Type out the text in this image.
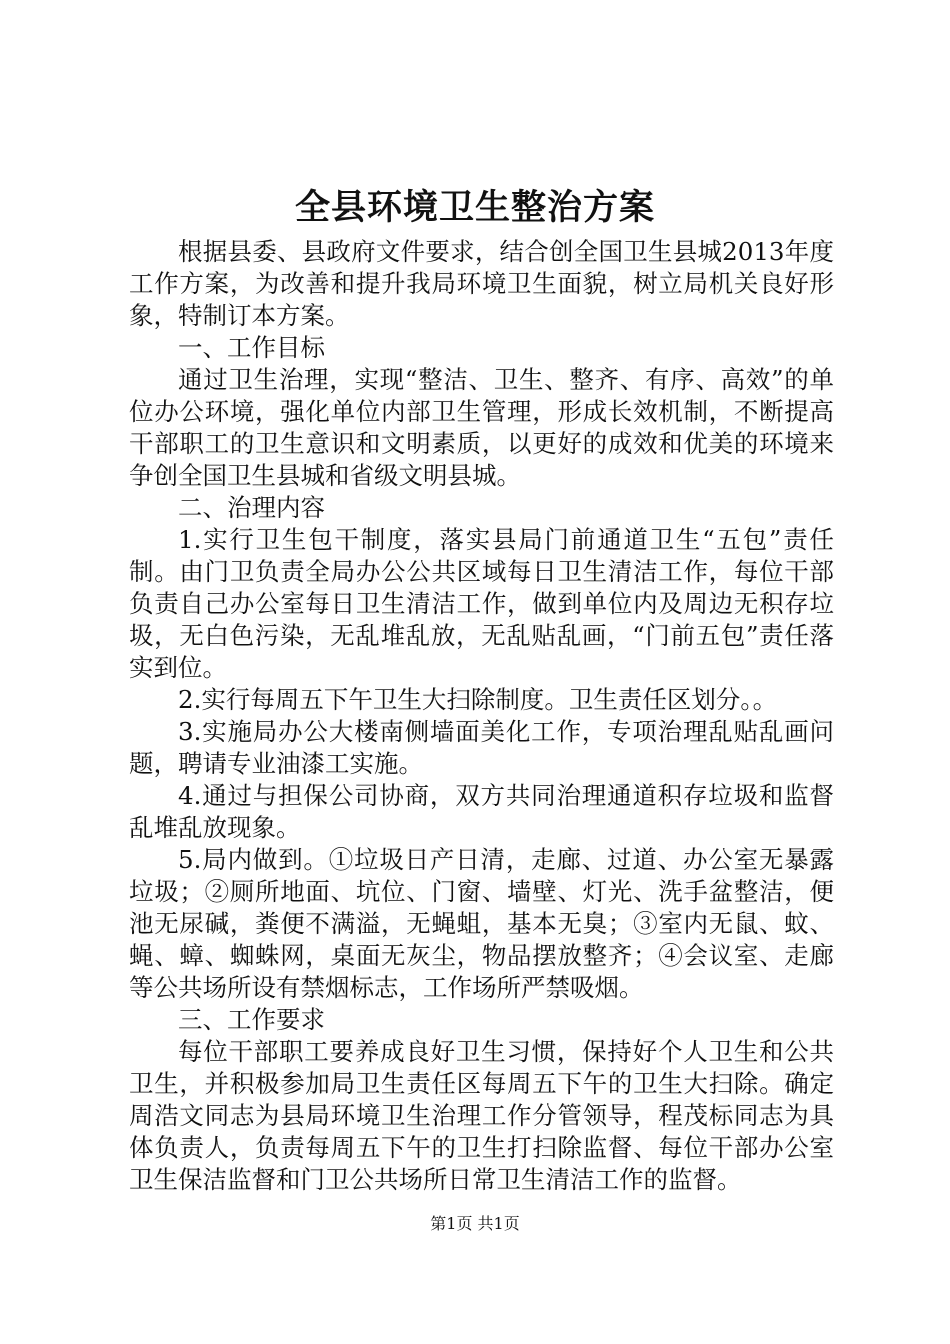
全县环境卫生整治方案

根据县委、县政府文件要求，结合创全国卫生县城2013年度工作方案，为改善和提升我局环境卫生面貌，树立局机关良好形象，特制订本方案。

一、工作目标

通过卫生治理，实现“整洁、卫生、整齐、有序、高效”的单位办公环境，强化单位内部卫生管理，形成长效机制，不断提高干部职工的卫生意识和文明素质，以更好的成效和优美的环境来争创全国卫生县城和省级文明县城。

二、治理内容

1.实行卫生包干制度，落实县局门前通道卫生“五包”责任制。由门卫负责全局办公公共区域每日卫生清洁工作，每位干部负责自己办公室每日卫生清洁工作，做到单位内及周边无积存垃圾，无白色污染，无乱堆乱放，无乱贴乱画，“门前五包”责任落实到位。

2.实行每周五下午卫生大扫除制度。卫生责任区划分。。

3.实施局办公大楼南侧墙面美化工作，专项治理乱贴乱画问题，聘请专业油漆工实施。

4.通过与担保公司协商，双方共同治理通道积存垃圾和监督乱堆乱放现象。

5.局内做到。①垃圾日产日清，走廊、过道、办公室无暴露垃圾；②厕所地面、坑位、门窗、墙壁、灯光、洗手盆整洁，便池无尿碱，粪便不满溢，无蝇蛆，基本无臭；③室内无鼠、蚊、蝇、蟑、蜘蛛网，桌面无灰尘，物品摆放整齐；④会议室、走廊等公共场所设有禁烟标志，工作场所严禁吸烟。

三、工作要求

每位干部职工要养成良好卫生习惯，保持好个人卫生和公共卫生，并积极参加局卫生责任区每周五下午的卫生大扫除。确定周浩文同志为县局环境卫生治理工作分管领导，程茂标同志为具体负责人，负责每周五下午的卫生打扫除监督、每位干部办公室卫生保洁监督和门卫公共场所日常卫生清洁工作的监督。

第1页 共1页
